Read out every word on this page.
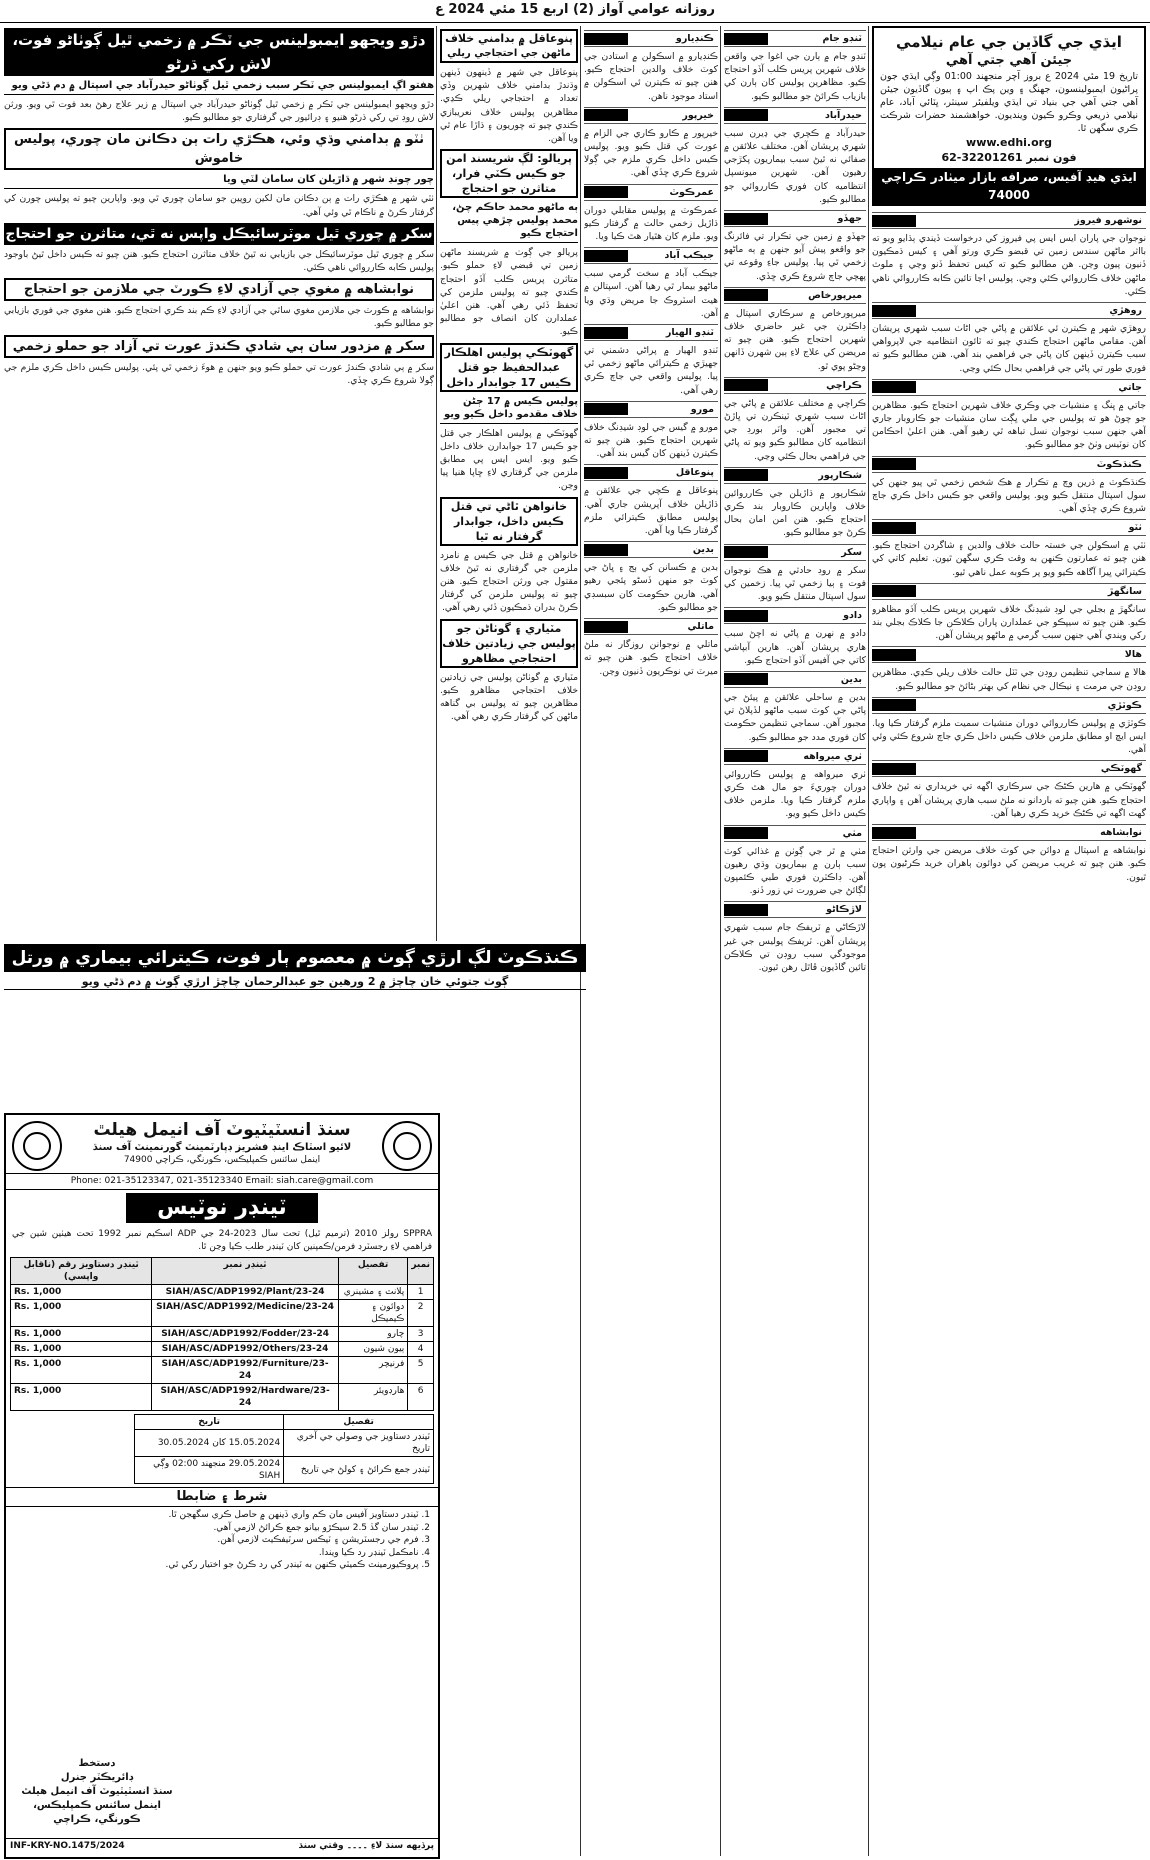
روزانه عوامي آواز (2) اربع 15 مئي 2024 ع
ايڌي جي گاڏين جي عام نيلامي
جيئن آهي جتي آهي
تاريخ 19 مئي 2024 ع بروز آچر منجهند 01:00 وڳي ايڌي جون پراڻيون ايمبولينسون، جهنگ ۽ وين پڪ اپ ۽ ٻيون گاڏيون جيئن آهي جتي آهي جي بنياد تي ايڌي ويلفيئر سينٽر، ڀٽائي آباد، عام نيلامي ذريعي وڪرو ڪيون وينديون. خواهشمند حضرات شرڪت ڪري سگهن ٿا.
www.edhi.org
فون نمبر 32201261-62
ايڌي هيڊ آفيس، صرافه بازار ميٺادر ڪراچي 74000
نوشهرو فيروز

نوجوان جي پاران ايس ايس پي فيروز کي درخواست ڏيندي ٻڌايو ويو ته بااثر ماڻهن سندس زمين تي قبضو ڪري ورتو آهي ۽ کيس ڌمڪيون ڏنيون پيون وڃن. هن مطالبو ڪيو ته کيس تحفظ ڏنو وڃي ۽ ملوث ماڻهن خلاف ڪارروائي ڪئي وڃي. پوليس اڃا تائين ڪابه ڪارروائي ناهي ڪئي.

روهڙي

روهڙي شهر ۾ ڪيترن ئي علائقن ۾ پاڻي جي اڻاٺ سبب شهري پريشان آهن. مقامي ماڻهن احتجاج ڪندي چيو ته ٽائون انتظاميه جي لاپرواهي سبب ڪيترن ڏينهن کان پاڻي جي فراهمي بند آهي. هنن مطالبو ڪيو ته فوري طور تي پاڻي جي فراهمي بحال ڪئي وڃي.

جاتي

جاتي ۾ ڀنگ ۽ منشيات جي وڪري خلاف شهرين احتجاج ڪيو. مظاهرين جو چوڻ هو ته پوليس جي ملي ڀڳت سان منشيات جو ڪاروبار جاري آهي جنهن سبب نوجوان نسل تباهه ٿي رهيو آهي. هنن اعليٰ احڪامن کان نوٽيس وٺڻ جو مطالبو ڪيو.

ڪنڌڪوٽ

ڪنڌڪوٽ ۾ ڌرين وچ ۾ تڪرار ۾ هڪ شخص زخمي ٿي پيو جنهن کي سول اسپتال منتقل ڪيو ويو. پوليس واقعي جو ڪيس داخل ڪري جاچ شروع ڪري ڇڏي آهي.

ٺٽو

ٺٽي ۾ اسڪولن جي خستہ حالت خلاف والدين ۽ شاگردن احتجاج ڪيو. هنن چيو ته عمارتون ڪنهن به وقت ڪري سگهن ٿيون. تعليم کاتي کي ڪيترائي ڀيرا آگاهه ڪيو ويو پر ڪوبه عمل ناهي ٿيو.

سانگهڙ

سانگهڙ ۾ بجلي جي لوڊ شيڊنگ خلاف شهرين پريس ڪلب آڏو مظاهرو ڪيو. هنن چيو ته سيپڪو جي عملدارن پاران ڪلاڪن جا ڪلاڪ بجلي بند رکي ويندي آهي جنهن سبب گرمي ۾ ماڻهو پريشان آهن.

هالا

هالا ۾ سماجي تنظيمن روڊن جي ٽٽل حالت خلاف ريلي ڪڍي. مظاهرين روڊن جي مرمت ۽ نيڪال جي نظام کي بهتر بڻائڻ جو مطالبو ڪيو.

ڪوٽڙي

ڪوٽڙي ۾ پوليس ڪارروائي دوران منشيات سميت ملزم گرفتار ڪيا ويا. ايس ايڇ او مطابق ملزمن خلاف ڪيس داخل ڪري جاچ شروع ڪئي وئي آهي.

گهوٽڪي

گهوٽڪي ۾ هارين ڪڻڪ جي سرڪاري اگهه تي خريداري نه ٿيڻ خلاف احتجاج ڪيو. هنن چيو ته باردانو نه ملڻ سبب هاري پريشان آهن ۽ واپاري گهٽ اگهه تي ڪڻڪ خريد ڪري رهيا آهن.

نوابشاهه

نوابشاهه ۾ اسپتال ۾ دوائن جي کوٽ خلاف مريضن جي وارثن احتجاج ڪيو. هنن چيو ته غريب مريضن کي دوائون ٻاهران خريد ڪرڻيون پون ٿيون.

ٽنڊو جام

ٽنڊو جام ۾ ٻارن جي اغوا جي واقعن خلاف شهرين پريس ڪلب آڏو احتجاج ڪيو. مظاهرين پوليس کان ٻارن کي بازياب ڪرائڻ جو مطالبو ڪيو.

حيدرآباد

حيدرآباد ۾ ڪچري جي ڍيرن سبب شهري پريشان آهن. مختلف علائقن ۾ صفائي نه ٿيڻ سبب بيماريون پکڙجي رهيون آهن. شهرين ميونسپل انتظاميه کان فوري ڪارروائي جو مطالبو ڪيو.

جهڏو

جهڏو ۾ زمين جي تڪرار تي فائرنگ جو واقعو پيش آيو جنهن ۾ ٻه ماڻهو زخمي ٿي پيا. پوليس جاءِ وقوعه تي پهچي جاچ شروع ڪري ڇڏي.

ميرپورخاص

ميرپورخاص ۾ سرڪاري اسپتال ۾ ڊاڪٽرن جي غير حاضري خلاف شهرين احتجاج ڪيو. هنن چيو ته مريضن کي علاج لاءِ ٻين شهرن ڏانهن وڃڻو پوي ٿو.

ڪراچي

ڪراچي ۾ مختلف علائقن ۾ پاڻي جي اڻاٺ سبب شهري ٽينڪرن تي ڀاڙڻ تي مجبور آهن. واٽر بورڊ جي انتظاميه کان مطالبو ڪيو ويو ته پاڻي جي فراهمي بحال ڪئي وڃي.

شڪارپور

شڪارپور ۾ ڌاڙيلن جي ڪارروائين خلاف واپارين ڪاروبار بند ڪري احتجاج ڪيو. هنن امن امان بحال ڪرڻ جو مطالبو ڪيو.

سکر

سکر ۾ روڊ حادثي ۾ هڪ نوجوان فوت ۽ ٻيا زخمي ٿي پيا. زخمين کي سول اسپتال منتقل ڪيو ويو.

دادو

دادو ۾ نهرن ۾ پاڻي نه اچڻ سبب هاري پريشان آهن. هارين آبپاشي کاتي جي آفيس آڏو احتجاج ڪيو.

بدين

بدين ۾ ساحلي علائقن ۾ پيئڻ جي پاڻي جي کوٽ سبب ماڻهو لڏپلاڻ تي مجبور آهن. سماجي تنظيمن حڪومت کان فوري مدد جو مطالبو ڪيو.

ٺري ميرواهه

ٺري ميرواهه ۾ پوليس ڪارروائي دوران چوريءَ جو مال هٿ ڪري ملزم گرفتار ڪيا ويا. ملزمن خلاف ڪيس داخل ڪيو ويو.

مٺي

مٺي ۾ ٿر جي ڳوٺن ۾ غذائي کوٽ سبب ٻارن ۾ بيماريون وڌي رهيون آهن. ڊاڪٽرن فوري طبي ڪئمپون لڳائڻ جي ضرورت تي زور ڏنو.

لاڙڪاڻو

لاڙڪاڻي ۾ ٽريفڪ جام سبب شهري پريشان آهن. ٽريفڪ پوليس جي غير موجودگي سبب روڊن تي ڪلاڪن تائين گاڏيون ڦاٿل رهن ٿيون.

ڪنڊيارو

ڪنڊيارو ۾ اسڪولن ۾ استادن جي کوٽ خلاف والدين احتجاج ڪيو. هنن چيو ته ڪيترن ئي اسڪولن ۾ استاد موجود ناهن.

خيرپور

خيرپور ۾ ڪارو ڪاري جي الزام ۾ عورت کي قتل ڪيو ويو. پوليس ڪيس داخل ڪري ملزم جي ڳولا شروع ڪري ڇڏي آهي.

عمرڪوٽ

عمرڪوٽ ۾ پوليس مقابلي دوران ڌاڙيل زخمي حالت ۾ گرفتار ڪيو ويو. ملزم کان هٿيار هٿ ڪيا ويا.

جيڪب آباد

جيڪب آباد ۾ سخت گرمي سبب ماڻهو بيمار ٿي رهيا آهن. اسپتالن ۾ هيٽ اسٽروڪ جا مريض وڌي ويا آهن.

ٽنڊو الهيار

ٽنڊو الهيار ۾ پراڻي دشمني تي جهيڙي ۾ ڪيترائي ماڻهو زخمي ٿي پيا. پوليس واقعي جي جاچ ڪري رهي آهي.

مورو

مورو ۾ گيس جي لوڊ شيڊنگ خلاف شهرين احتجاج ڪيو. هنن چيو ته ڪيترن ڏينهن کان گيس بند آهي.

پنوعاقل

پنوعاقل ۾ ڪچي جي علائقن ۾ ڌاڙيلن خلاف آپريشن جاري آهي. پوليس مطابق ڪيترائي ملزم گرفتار ڪيا ويا آهن.

بدين

بدين ۾ ڪسانن کي ٻج ۽ ڀاڻ جي کوٽ جو منهن ڏسڻو پئجي رهيو آهي. هارين حڪومت کان سبسڊي جو مطالبو ڪيو.

ماتلي

ماتلي ۾ نوجوانن روزگار نه ملڻ خلاف احتجاج ڪيو. هنن چيو ته ميرٽ تي نوڪريون ڏنيون وڃن.

پنوعاقل ۾ بدامني خلاف
ماڻهن جي احتجاجي ريلي

پنوعاقل جي شهر ۾ ڏينهون ڏينهن وڌندڙ بدامني خلاف شهرين وڏي تعداد ۾ احتجاجي ريلي ڪڍي. مظاهرين پوليس خلاف نعريبازي ڪندي چيو ته چوريون ۽ ڌاڙا عام ٿي ويا آهن.

پريالو: لڳ شريسند امن جو ڪيس ڪٽي فرار، متاثرن جو احتجاج
ٻه ماڻهو محمد حاڪم چڻ، محمد پوليس چڙهي پيس احتجاج ڪيو

پريالو جي ڳوٺ ۾ شريسند ماڻهن زمين تي قبضي لاءِ حملو ڪيو. متاثرن پريس ڪلب آڏو احتجاج ڪندي چيو ته پوليس ملزمن کي تحفظ ڏئي رهي آهي. هنن اعليٰ عملدارن کان انصاف جو مطالبو ڪيو.

گهوٽڪي پوليس اهلڪار عبدالحفيظ جو قتل ڪيس 17 جوابدار داخل
پوليس ڪيس ۾ 17 ڄڻن خلاف مقدمو داخل ڪيو ويو

گهوٽڪي ۾ پوليس اهلڪار جي قتل جو ڪيس 17 جوابدارن خلاف داخل ڪيو ويو. ايس ايس پي مطابق ملزمن جي گرفتاري لاءِ ڇاپا هنيا پيا وڃن.

خانواهن ٿاڻي تي قتل ڪيس داخل، جوابدار گرفتار نه ٿيا

خانواهن ۾ قتل جي ڪيس ۾ نامزد ملزمن جي گرفتاري نه ٿيڻ خلاف مقتول جي ورثن احتجاج ڪيو. هنن چيو ته پوليس ملزمن کي گرفتار ڪرڻ بدران ڌمڪيون ڏئي رهي آهي.

مٽياري ۽ گوٺاڻن جو پوليس جي زيادتين خلاف احتجاجي مظاهرو

مٽياري ۾ گوٺاڻن پوليس جي زيادتين خلاف احتجاجي مظاهرو ڪيو. مظاهرين چيو ته پوليس بي گناهه ماڻهن کي گرفتار ڪري رهي آهي.

دڙو ويجهو ايمبولينس جي ٽڪر ۾ زخمي ٿيل ڳوٺاڻو فوت، لاش رکي ڌرڻو
هفتو اڳ ايمبولينس جي ٽڪر سبب زخمي ٿيل ڳوٺاڻو حيدرآباد جي اسپتال ۾ دم ڌڻي ويو

دڙو ويجهو ايمبولينس جي ٽڪر ۾ زخمي ٿيل ڳوٺاڻو حيدرآباد جي اسپتال ۾ زير علاج رهڻ بعد فوت ٿي ويو. ورثن لاش روڊ تي رکي ڌرڻو هنيو ۽ ڊرائيور جي گرفتاري جو مطالبو ڪيو.

ٺٽو ۾ بدامني وڌي وئي، هڪڙي رات ٻن دڪانن مان چوري، پوليس خاموش
چور چونڊ شهر ۾ ڌاڙيلن کان سامان لٽي ويا

ٺٽي شهر ۾ هڪڙي رات ۾ ٻن دڪانن مان لکين روپين جو سامان چوري ٿي ويو. واپارين چيو ته پوليس چورن کي گرفتار ڪرڻ ۾ ناڪام ٿي وئي آهي.

سکر ۾ چوري ٿيل موٽرسائيڪل واپس نه ٿي، متاثرن جو احتجاج

سکر ۾ چوري ٿيل موٽرسائيڪل جي بازيابي نه ٿيڻ خلاف متاثرن احتجاج ڪيو. هنن چيو ته ڪيس داخل ٿيڻ باوجود پوليس ڪابه ڪارروائي ناهي ڪئي.

نوابشاهه ۾ مغوي جي آزادي لاءِ ڪورٽ جي ملازمن جو احتجاج

نوابشاهه ۾ ڪورٽ جي ملازمن مغوي ساٿي جي آزادي لاءِ ڪم بند ڪري احتجاج ڪيو. هنن مغوي جي فوري بازيابي جو مطالبو ڪيو.

سکر ۾ مزدور سان ٻي شادي ڪندڙ عورت تي آزاد جو حملو زخمي

سکر ۾ ٻي شادي ڪندڙ عورت تي حملو ڪيو ويو جنهن ۾ هوءَ زخمي ٿي پئي. پوليس ڪيس داخل ڪري ملزم جي ڳولا شروع ڪري ڇڏي.

ڪنڌڪوٽ لڳ ارڙي ڳوٺ ۾ معصوم ٻار فوت، ڪيترائي بيماري ۾ ورتل
ڳوٺ جتوئي خان چاچڙ ۾ 2 ورهين جو عبدالرحمان چاچڙ ارڙي ڳوٺ ۾ دم ڌڻي ويو
سنڌ انسٽيٽيوٽ آف انيمل هيلٿ
لائيو اسٽاڪ اينڊ فشريز ڊپارٽمينٽ گورنمينٽ آف سنڌ
اينمل سائنس ڪمپليڪس، ڪورنگي، ڪراچي 74900
Phone: 021-35123347, 021-35123340 Email: siah.care@gmail.com
ٽينڊر نوٽيس
SPPRA رولز 2010 (ترميم ٿيل) تحت سال 2023-24 جي ADP اسڪيم نمبر 1992 تحت هيٺين شين جي فراهمي لاءِ رجسٽرڊ فرمن/ڪمپنين کان ٽينڊر طلب ڪيا وڃن ٿا.
نمبر	تفصيل	ٽينڊر نمبر	ٽينڊر دستاويز رقم (ناقابل واپسي)
1	پلانٽ ۽ مشينري	SIAH/ASC/ADP1992/Plant/23-24	Rs. 1,000
2	دوائون ۽ ڪيميڪل	SIAH/ASC/ADP1992/Medicine/23-24	Rs. 1,000
3	چارو	SIAH/ASC/ADP1992/Fodder/23-24	Rs. 1,000
4	ٻيون شيون	SIAH/ASC/ADP1992/Others/23-24	Rs. 1,000
5	فرنيچر	SIAH/ASC/ADP1992/Furniture/23-24	Rs. 1,000
6	هارڊويئر	SIAH/ASC/ADP1992/Hardware/23-24	Rs. 1,000
تفصيل	تاريخ
ٽينڊر دستاويز جي وصولي جي آخري تاريخ	15.05.2024 کان 30.05.2024
ٽينڊر جمع ڪرائڻ ۽ کولڻ جي تاريخ	29.05.2024 منجهند 02:00 وڳي SIAH
شرط ۽ ضابطا
1. ٽينڊر دستاويز آفيس مان ڪم واري ڏينهن ۾ حاصل ڪري سگهجن ٿا.
2. ٽينڊر سان گڏ 2.5 سيڪڙو بيانو جمع ڪرائڻ لازمي آهي.
3. فرم جي رجسٽريشن ۽ ٽيڪس سرٽيفڪيٽ لازمي آهن.
4. نامڪمل ٽينڊر رد ڪيا ويندا.
5. پروڪيورمينٽ ڪميٽي ڪنهن به ٽينڊر کي رد ڪرڻ جو اختيار رکي ٿي.
دستخط
ڊائريڪٽر جنرل
سنڌ انسٽيٽيوٽ آف انيمل هيلٿ
اينمل سائنس ڪمپليڪس، ڪورنگي، ڪراچي
INF-KRY-NO.1475/2024	پرڏيهه سنڌ لاءِ ۔۔۔۔ وقتي سنڌ
